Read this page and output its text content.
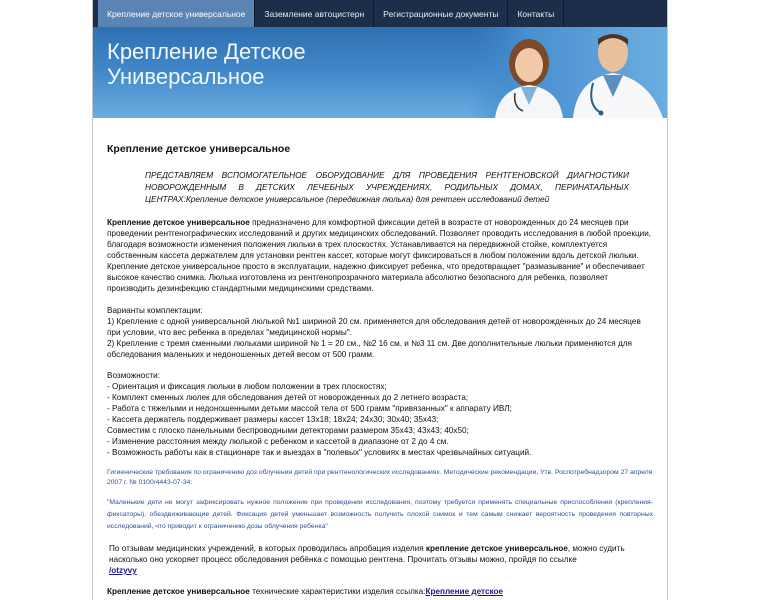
Крепление детское универсальное	Заземление автоцистерн	Регистрационные документы	Контакты
Крепление Детское
Универсальное
Крепление детское универсальное
ПРЕДСТАВЛЯЕМ ВСПОМОГАТЕЛЬНОЕ ОБОРУДОВАНИЕ ДЛЯ ПРОВЕДЕНИЯ РЕНТГЕНОВСКОЙ ДИАГНОСТИКИ НОВОРОЖДЕННЫМ В ДЕТСКИХ ЛЕЧЕБНЫХ УЧРЕЖДЕНИЯХ, РОДИЛЬНЫХ ДОМАХ, ПЕРИНАТАЛЬНЫХ ЦЕНТРАХ:Крепление детское универсальное (передвижная люлька) для рентген исследований детей

Крепление детское универсальное предназначено для комфортной фиксации детей в возрасте от новорожденных до 24 месяцев при проведении рентгенографических исследований и других медицинских обследований. Позволяет проводить исследования в любой проекции, благодаря возможности изменения положения люльки в трех плоскостях. Устанавливается на передвижной стойке, комплектуется собственным кассета держателем для установки рентген кассет, которые могут фиксироваться в любом положении вдоль детской люльки. Крепление детское универсальное просто в эксплуатации, надежно фиксирует ребенка, что предотвращает "размазывание" и обеспечивает высокое качество снимка. Люлька изготовлена из рентгенопрозрачного материала абсолютно безопасного для ребенка, позволяет производить дезинфекцию стандартными медицинскими средствами.

Варианты комплектации:
1) Крепление с одной универсальной люлькой №1 шириной 20 см. применяется для обследования детей от новорожденных до 24 месяцев при условии, что вес ребенка в пределах "медицинской нормы".
2) Крепление с тремя сменными люльками шириной № 1 = 20 см., №2 16 см. и №3 11 см. Две дополнительные люльки применяются для обследования маленьких и недоношенных детей весом от 500 грамм.
Возможности:
- Ориентация и фиксация люльки в любом положении в трех плоскостях;
- Комплект сменных люлек для обследования детей от новорожденных до 2 летнего возраста;
- Работа с тяжелыми и недоношенными детьми массой тела от 500 грамм "привязанных" к аппарату ИВЛ;
- Кассета держатель поддерживает размеры кассет 13х18; 18х24; 24х30; 30х40; 35х43;
Совместим с плоско панельными беспроводными детекторами размером 35х43; 43х43; 40х50;
- Изменение расстояния между люлькой с ребенком и кассетой в диапазоне от 2 до 4 см.
- Возможность работы как в стационаре так и выездах в "полевых" условиях в местах чрезвычайных ситуаций.
Гигиенические требования по ограничению доз облучения детей при рентгенологических исследованиях. Методические рекомендации, Утв. Роспотребнадзором 27 апреля 2007 г. № 0100/4443-07-34:
"Маленькие дети не могут зафиксировать нужное положение при проведении исследования, поэтому требуется применять специальные приспособления (крепления-фиксаторы), обездвиживающие детей. Фиксация детей уменьшает возможность получить плохой снимок и тем самым снижает вероятность проведения повторных исследований, что приводит к ограничению дозы облучения ребенка"
По отзывам медицинских учреждений, в которых проводилась апробация изделия крепление детское универсальное, можно судить насколько оно ускоряет процесс обследования ребёнка с помощью рентгена. Прочитать отзывы можно, пройдя по ссылке
/otzyvy
Крепление детское универсальное технические характеристики изделия ссылка:Крепление детское
